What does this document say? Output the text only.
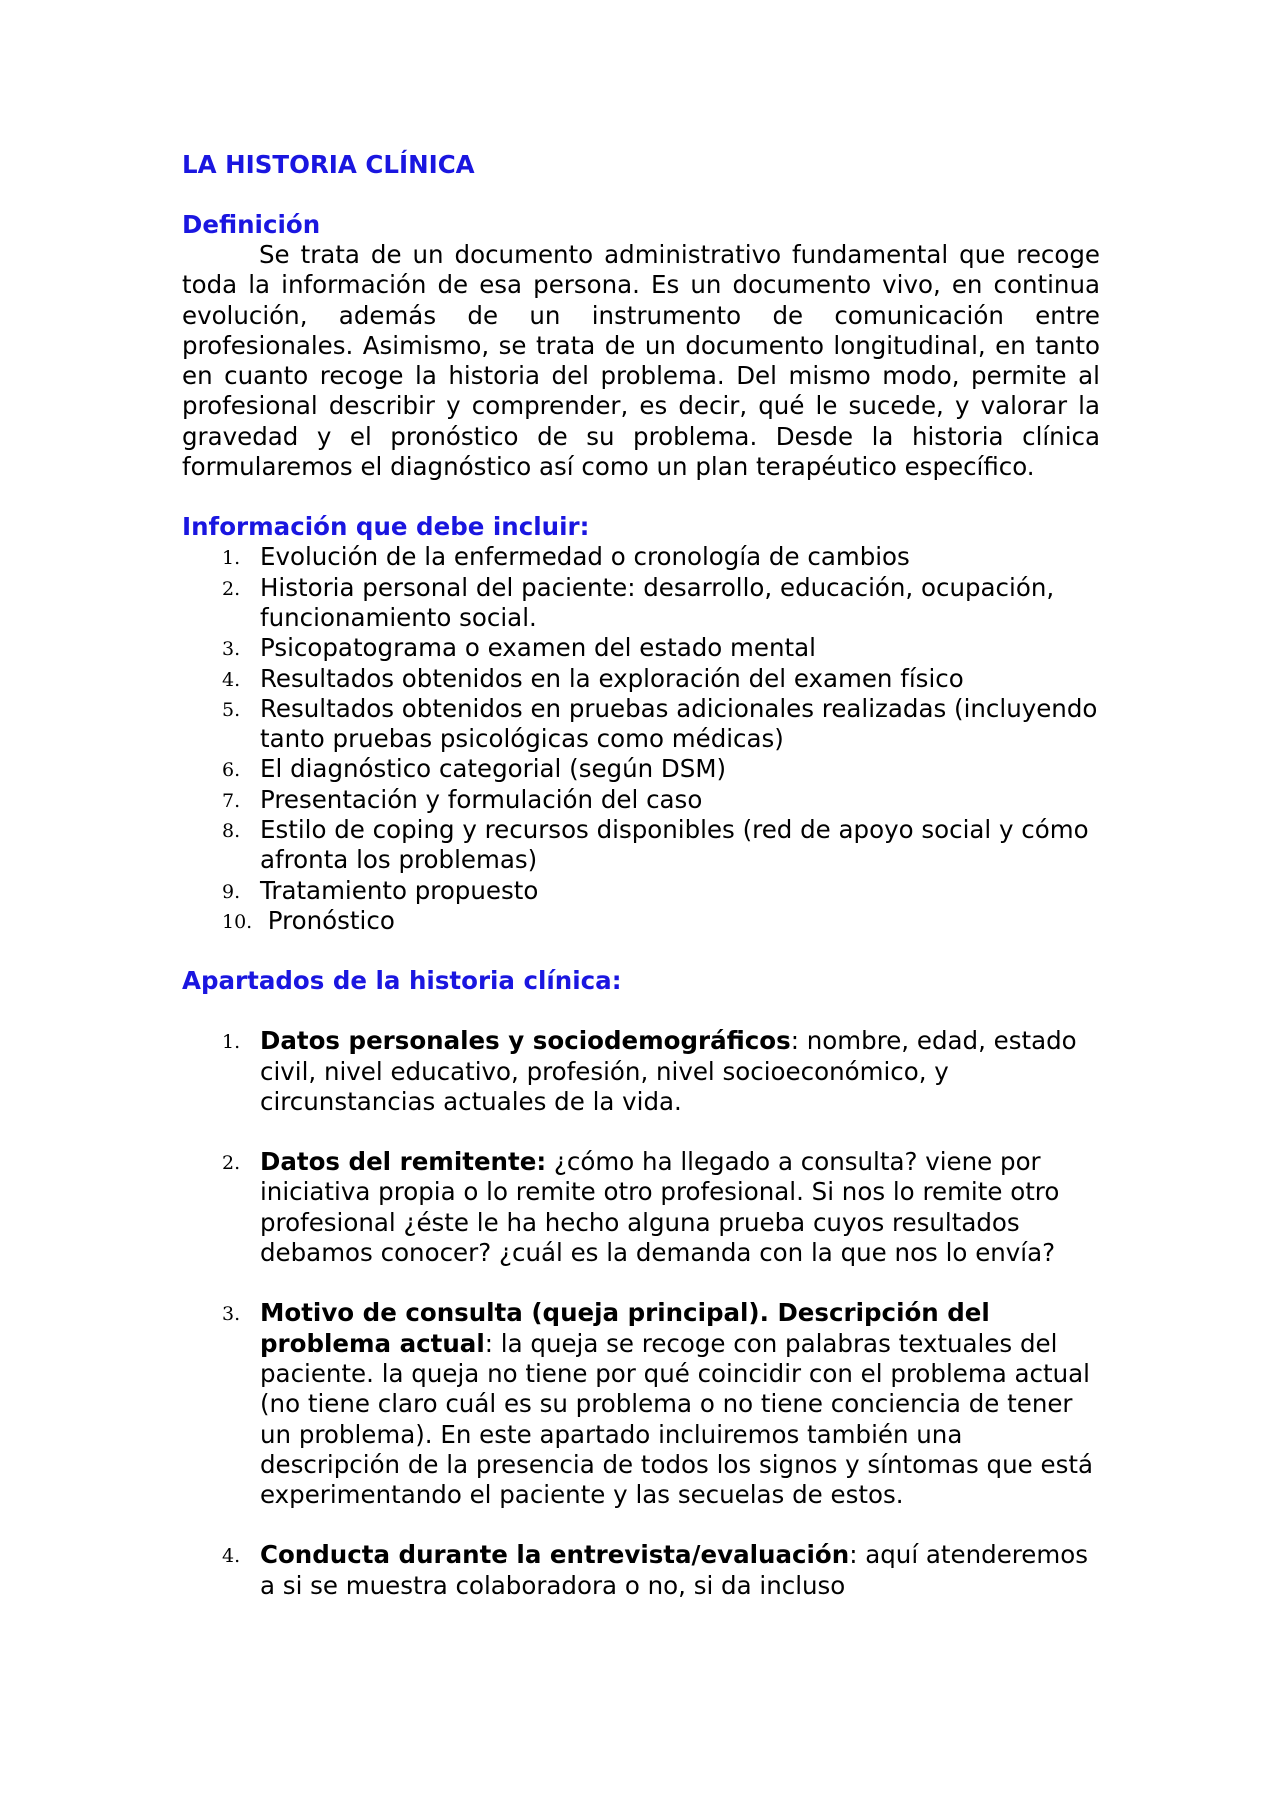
LA HISTORIA CLÍNICA
Definición

Se trata de un documento administrativo fundamental que recoge toda la información de esa persona. Es un documento vivo, en continua evolución, además de un instrumento de comunicación entre profesionales. Asimismo, se trata de un documento longitudinal, en tanto en cuanto recoge la historia del problema. Del mismo modo, permite al profesional describir y comprender, es decir, qué le sucede, y valorar la gravedad y el pronóstico de su problema. Desde la historia clínica formularemos el diagnóstico así como un plan terapéutico específico.

Información que debe incluir:
1. Evolución de la enfermedad o cronología de cambios
2. Historia personal del paciente: desarrollo, educación, ocupación, funcionamiento social.
3. Psicopatograma o examen del estado mental
4. Resultados obtenidos en la exploración del examen físico
5. Resultados obtenidos en pruebas adicionales realizadas (incluyendo tanto pruebas psicológicas como médicas)
6. El diagnóstico categorial (según DSM)
7. Presentación y formulación del caso
8. Estilo de coping y recursos disponibles (red de apoyo social y cómo afronta los problemas)
9. Tratamiento propuesto
10. Pronóstico
Apartados de la historia clínica:
1. Datos personales y sociodemográficos: nombre, edad, estado civil, nivel educativo, profesión, nivel socioeconómico, y circunstancias actuales de la vida.
2. Datos del remitente: ¿cómo ha llegado a consulta? viene por iniciativa propia o lo remite otro profesional. Si nos lo remite otro profesional ¿éste le ha hecho alguna prueba cuyos resultados debamos conocer? ¿cuál es la demanda con la que nos lo envía?
3. Motivo de consulta (queja principal). Descripción del problema actual: la queja se recoge con palabras textuales del paciente. la queja no tiene por qué coincidir con el problema actual (no tiene claro cuál es su problema o no tiene conciencia de tener un problema). En este apartado incluiremos también una descripción de la presencia de todos los signos y síntomas que está experimentando el paciente y las secuelas de estos.
4. Conducta durante la entrevista/evaluación: aquí atenderemos a si se muestra colaboradora o no, si da incluso
